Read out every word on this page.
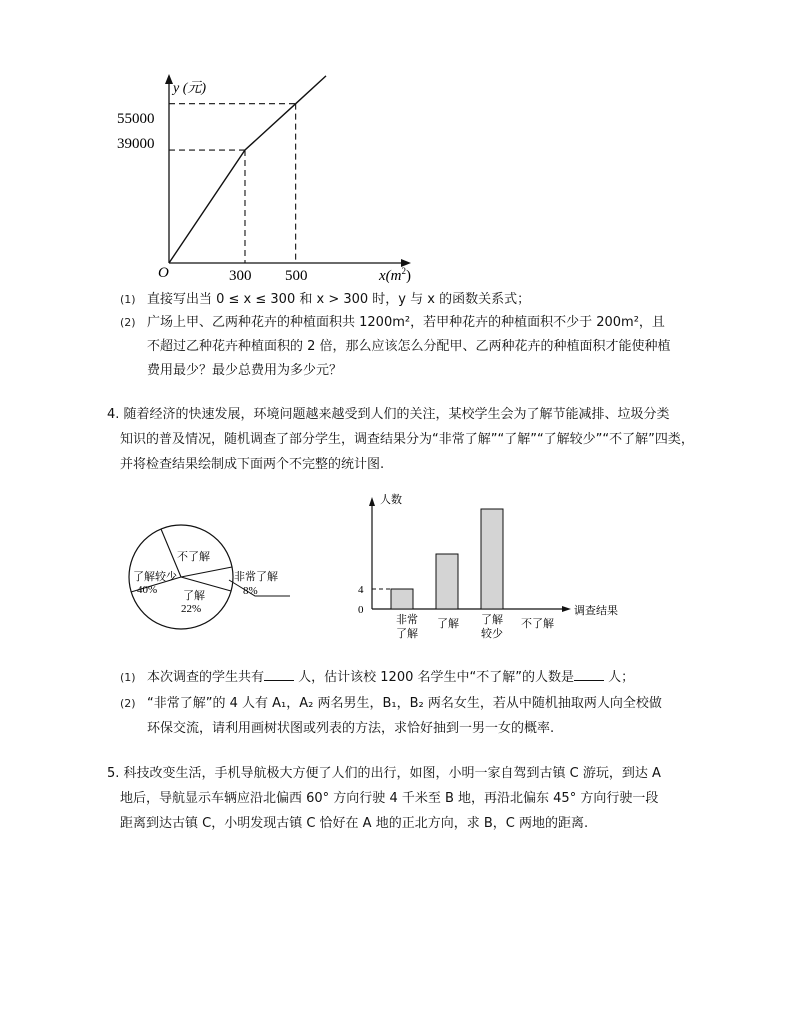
y (元)
O
55000
39000
300 500	$x(m^2)$
(1) 直接写出当 0 ≤ x ≤ 300 和 x > 300 时，y 与 x 的函数关系式；
(2) 广场上甲、乙两种花卉的种植面积共 1200m²，若甲种花卉的种植面积不少于 200m²，且
不超过乙种花卉种植面积的 2 倍，那么应该怎么分配甲、乙两种花卉的种植面积才能使种植
费用最少？最少总费用为多少元？
4. 随着经济的快速发展，环境问题越来越受到人们的关注，某校学生会为了解节能减排、垃圾分类
知识的普及情况，随机调查了部分学生，调查结果分为“非常了解”“了解”“了解较少”“不了解”四类，
并将检查结果绘制成下面两个不完整的统计图.
不了解
了解较少
40% 了解
22%
非常了解
8%
人数
调查结果
4
0
非常
了解
了解 了解
较少
不了解
(1) 本次调查的学生共有	人，估计该校 1200 名学生中“不了解”的人数是	人；
(2) “非常了解”的 4 人有 A₁，A₂ 两名男生，B₁，B₂ 两名女生，若从中随机抽取两人向全校做
环保交流，请利用画树状图或列表的方法，求恰好抽到一男一女的概率.
5. 科技改变生活，手机导航极大方便了人们的出行，如图，小明一家自驾到古镇 C 游玩，到达 A
地后，导航显示车辆应沿北偏西 60° 方向行驶 4 千米至 B 地，再沿北偏东 45° 方向行驶一段
距离到达古镇 C，小明发现古镇 C 恰好在 A 地的正北方向，求 B，C 两地的距离.
